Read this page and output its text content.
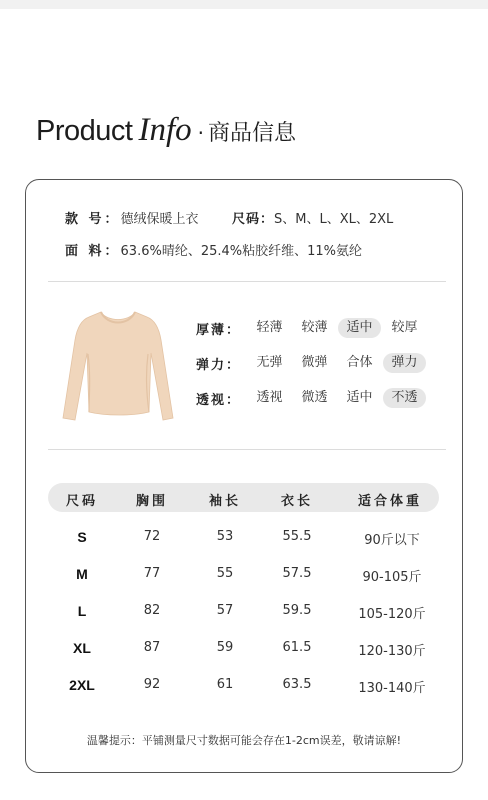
Product Info · 商品信息
款 号：德绒保暖上衣	尺码：S、M、L、XL、2XL
面 料：63.6%晴纶、25.4%粘胶纤维、11%氨纶
厚薄：	轻薄	较薄	适中	较厚
弹力：	无弹	微弹	合体	弹力
透视：	透视	微透	适中	不透
尺码	胸围	袖长	衣长	适合体重
S	72	53	55.5	90斤以下
M	77	55	57.5	90-105斤
L	82	57	59.5	105-120斤
XL	87	59	61.5	120-130斤
2XL	92	61	63.5	130-140斤
温馨提示：平铺测量尺寸数据可能会存在1-2cm误差，敬请谅解!
